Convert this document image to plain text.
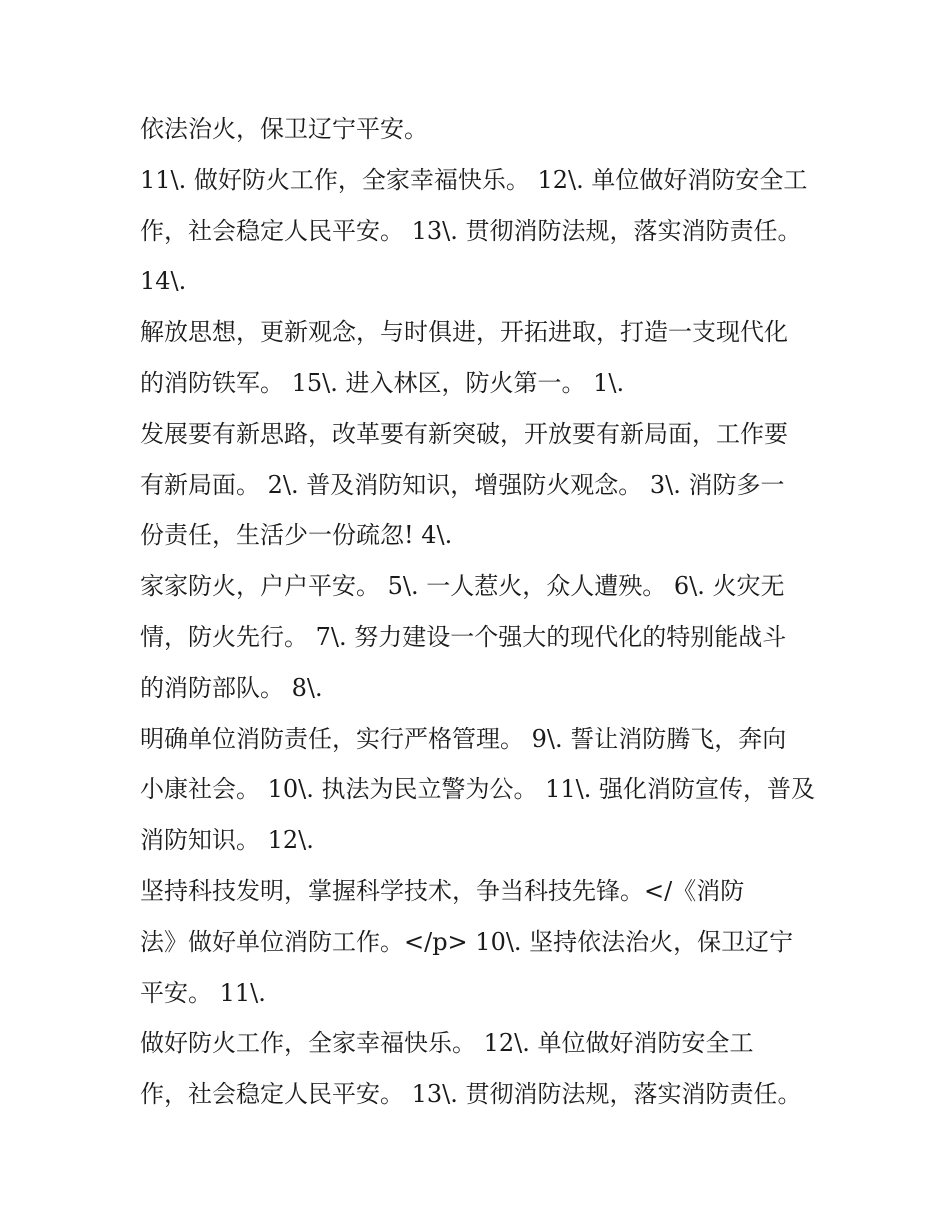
依法治火，保卫辽宁平安。
11\. 做好防火工作，全家幸福快乐。 12\. 单位做好消防安全工
作，社会稳定人民平安。 13\. 贯彻消防法规，落实消防责任。
14\.
解放思想，更新观念，与时俱进，开拓进取，打造一支现代化
的消防铁军。 15\. 进入林区，防火第一。 1\.
发展要有新思路，改革要有新突破，开放要有新局面，工作要
有新局面。 2\. 普及消防知识，增强防火观念。 3\. 消防多一
份责任，生活少一份疏忽! 4\.
家家防火，户户平安。 5\. 一人惹火，众人遭殃。 6\. 火灾无
情，防火先行。 7\. 努力建设一个强大的现代化的特别能战斗
的消防部队。 8\.
明确单位消防责任，实行严格管理。 9\. 誓让消防腾飞，奔向
小康社会。 10\. 执法为民立警为公。 11\. 强化消防宣传，普及
消防知识。 12\.
坚持科技发明，掌握科学技术，争当科技先锋。</《消防
法》做好单位消防工作。</p> 10\. 坚持依法治火，保卫辽宁
平安。 11\.
做好防火工作，全家幸福快乐。 12\. 单位做好消防安全工
作，社会稳定人民平安。 13\. 贯彻消防法规，落实消防责任。
